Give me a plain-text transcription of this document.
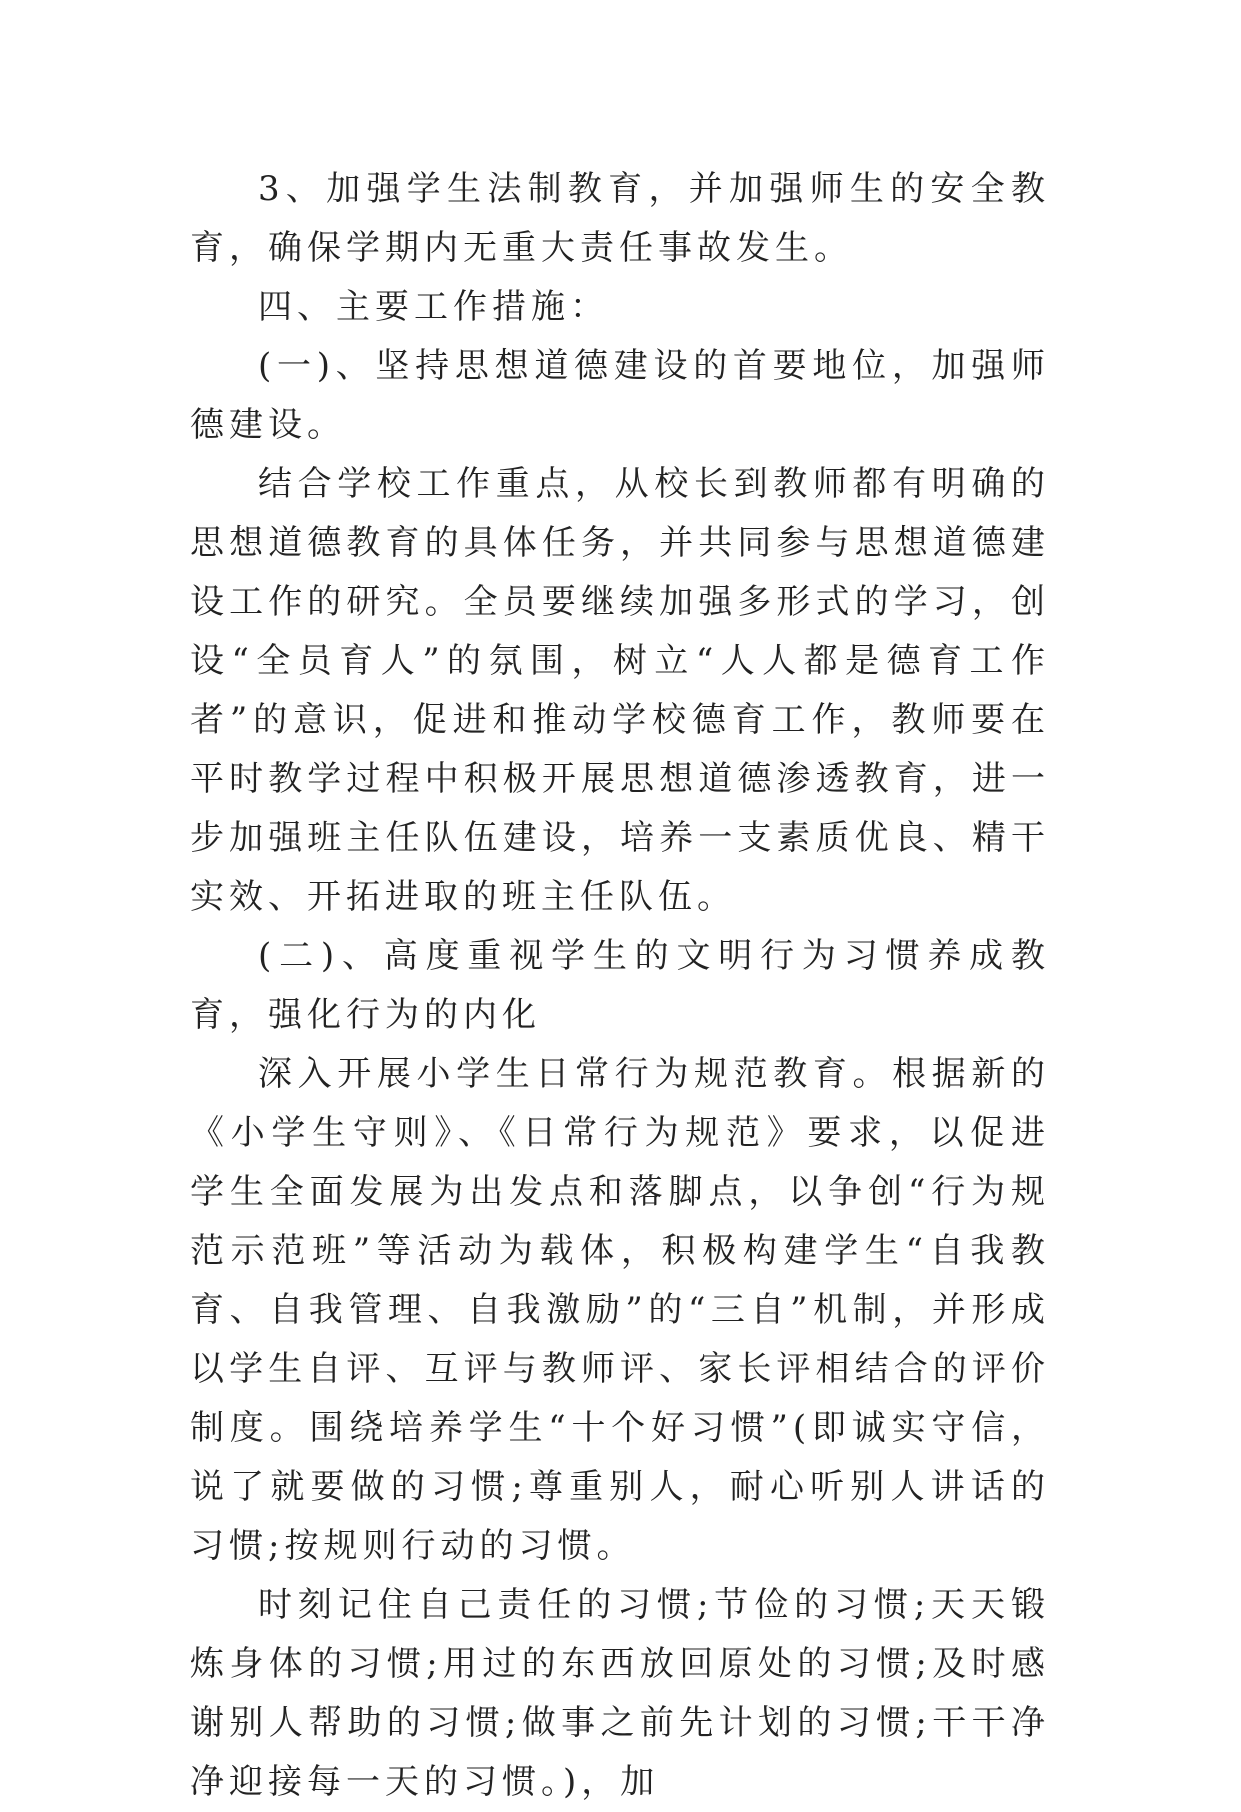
3、加强学生法制教育，并加强师生的安全教育，确保学期内无重大责任事故发生。

四、主要工作措施：

(一)、坚持思想道德建设的首要地位，加强师德建设。

结合学校工作重点，从校长到教师都有明确的思想道德教育的具体任务，并共同参与思想道德建设工作的研究。全员要继续加强多形式的学习，创设“全员育人”的氛围，树立“人人都是德育工作者”的意识，促进和推动学校德育工作，教师要在平时教学过程中积极开展思想道德渗透教育，进一步加强班主任队伍建设，培养一支素质优良、精干实效、开拓进取的班主任队伍。

(二)、高度重视学生的文明行为习惯养成教育，强化行为的内化

深入开展小学生日常行为规范教育。根据新的《小学生守则》、《日常行为规范》要求，以促进学生全面发展为出发点和落脚点，以争创“行为规范示范班”等活动为载体，积极构建学生“自我教育、自我管理、自我激励”的“三自”机制，并形成以学生自评、互评与教师评、家长评相结合的评价制度。围绕培养学生“十个好习惯”(即诚实守信，说了就要做的习惯;尊重别人，耐心听别人讲话的习惯;按规则行动的习惯。

时刻记住自己责任的习惯;节俭的习惯;天天锻炼身体的习惯;用过的东西放回原处的习惯;及时感谢别人帮助的习惯;做事之前先计划的习惯;干干净净迎接每一天的习惯。)，加
